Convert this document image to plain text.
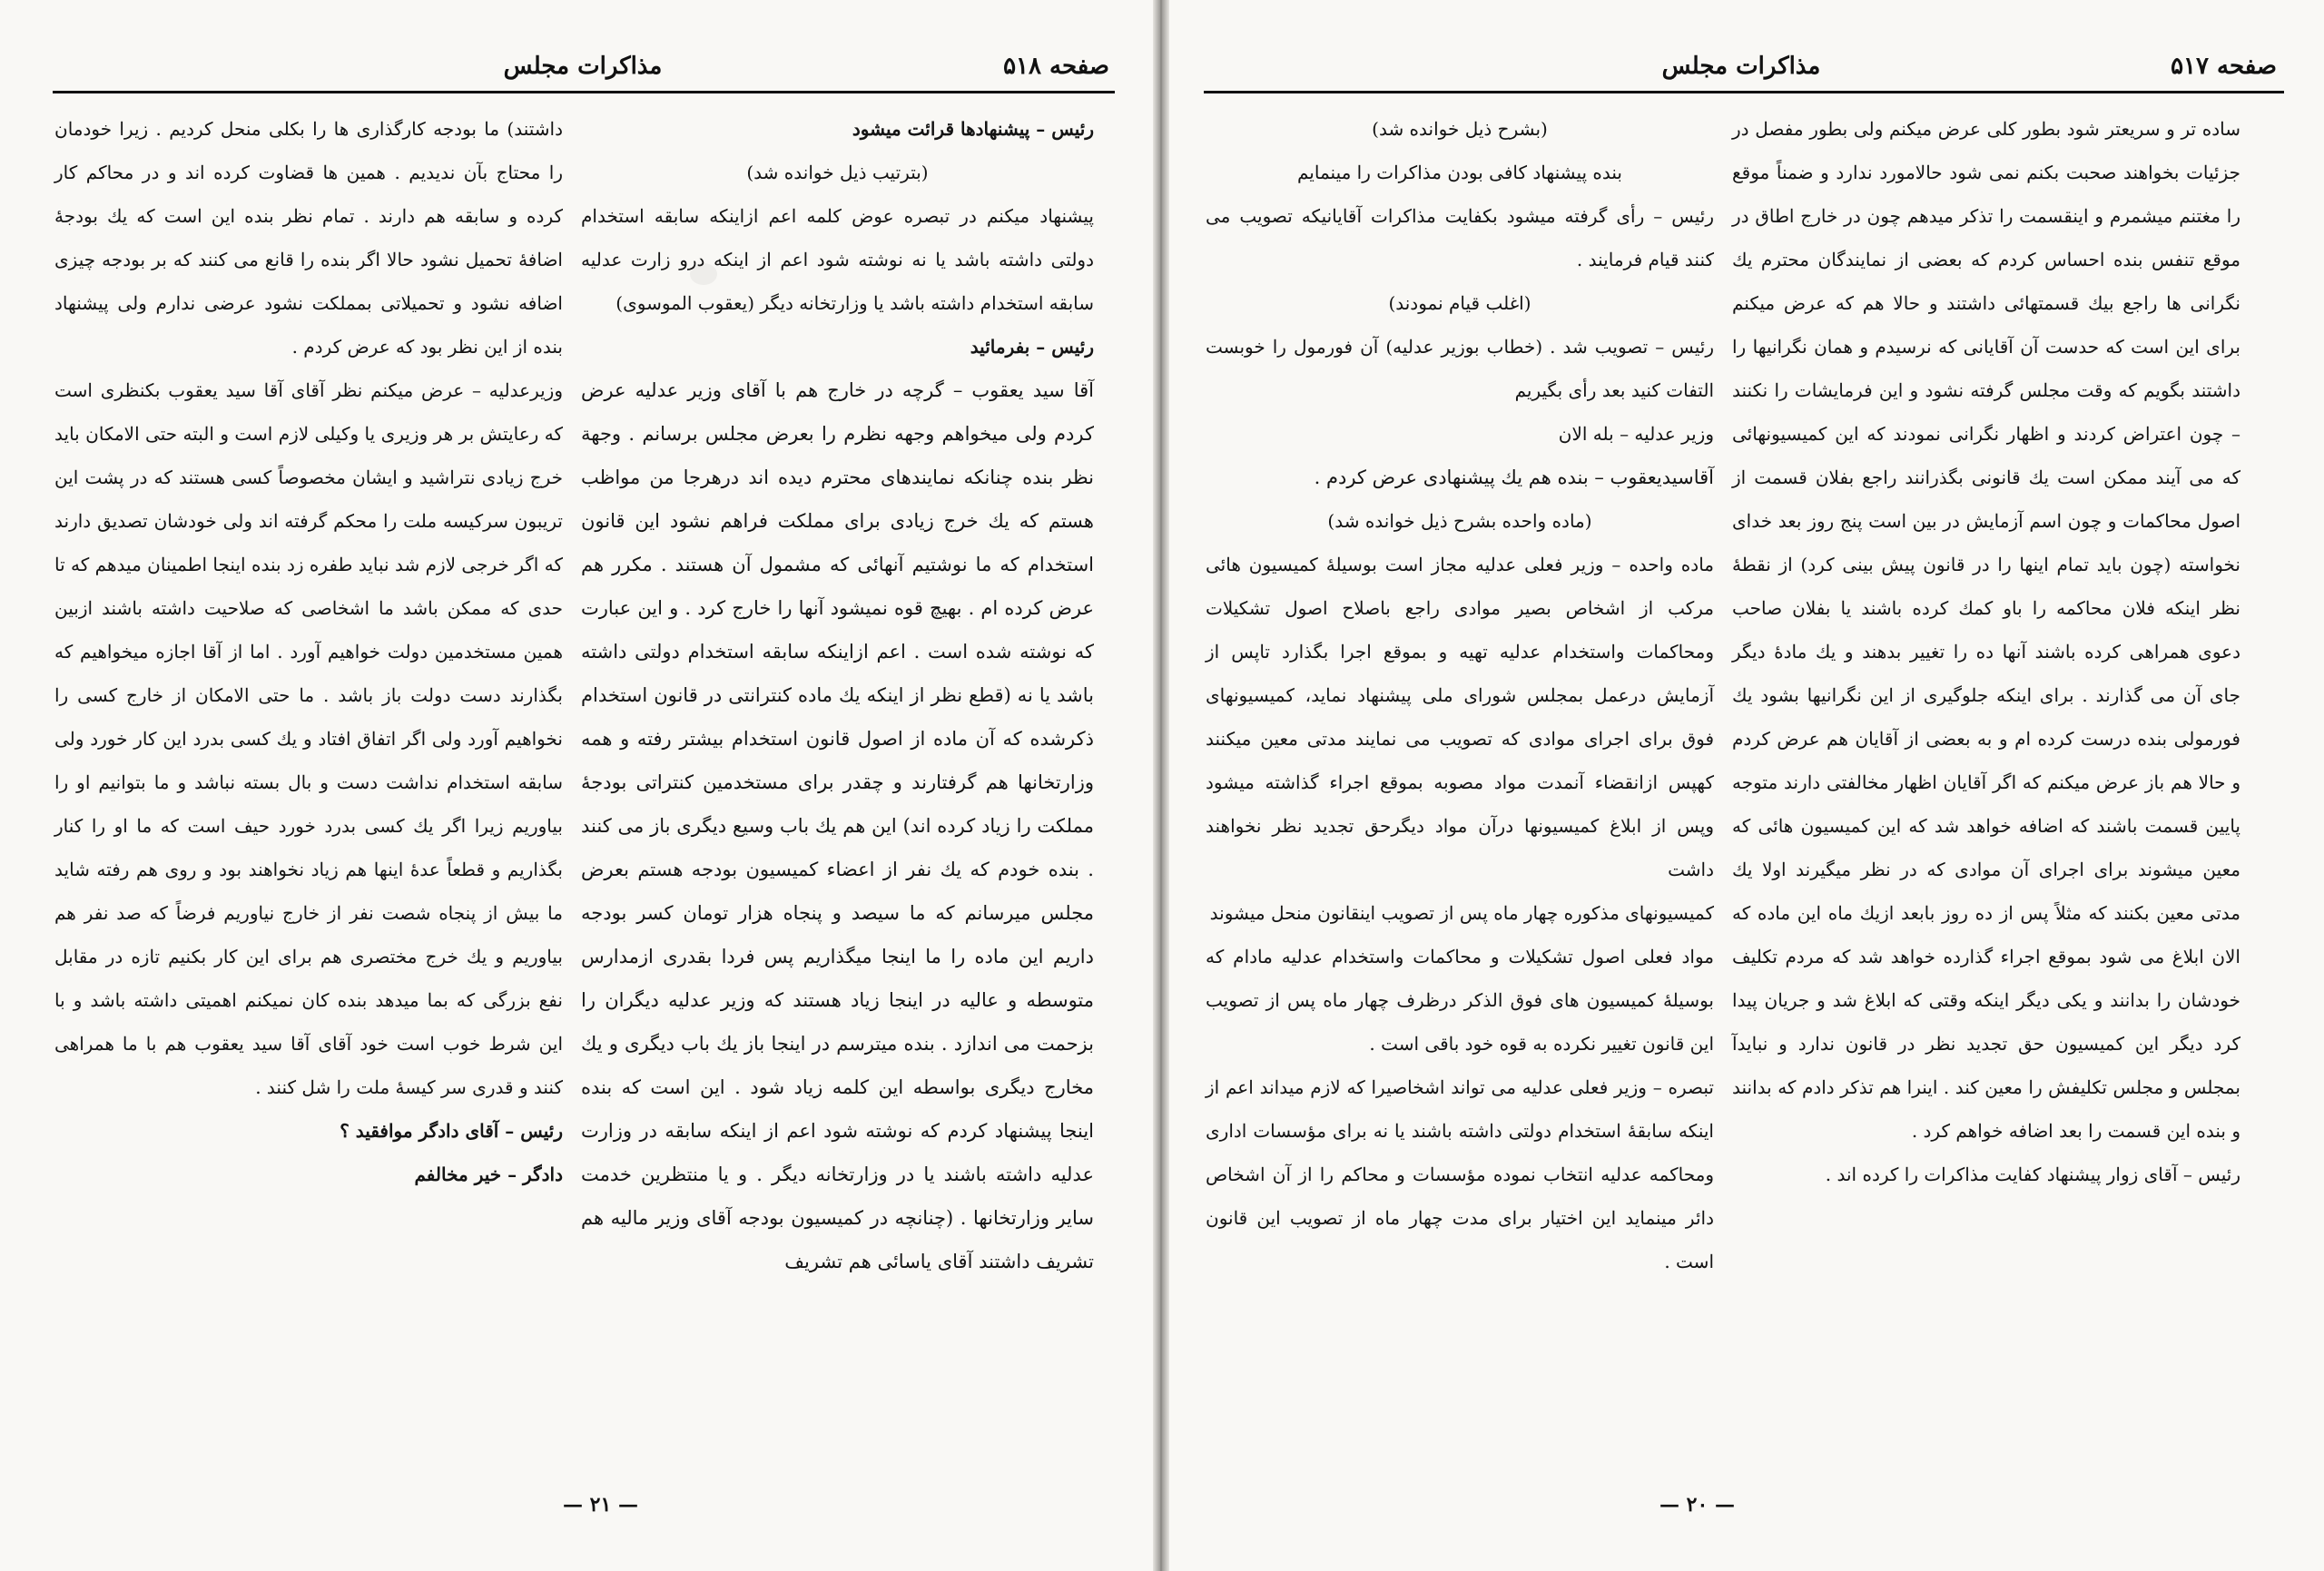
صفحه ۵۱۸
مذاکرات مجلس

رئیس – پیشنهادها قرائت میشود

(بترتیب ذیل خوانده شد)

پیشنهاد میکنم در تبصره عوض کلمه اعم ازاینکه سابقه استخدام دولتی داشته باشد یا نه نوشته شود اعم از اینکه درو زارت عدلیه سابقه استخدام داشته باشد یا وزارتخانه دیگر (یعقوب الموسوی)

رئیس – بفرمائید

آقا سید یعقوب – گرچه در خارج هم با آقای وزیر عدلیه عرض کردم ولی میخواهم وجهه نظرم را بعرض مجلس برسانم . وجهة نظر بنده چنانکه نمایندهای محترم دیده اند درهرجا من مواظب هستم که یك خرج زیادی برای مملکت فراهم نشود این قانون استخدام که ما نوشتیم آنهائی که مشمول آن هستند . مکرر هم عرض کرده ام . بهیچ قوه نمیشود آنها را خارج کرد . و این عبارت که نوشته شده است . اعم ازاینکه سابقه استخدام دولتی داشته باشد یا نه (قطع نظر از اینکه یك ماده کنترانتی در قانون استخدام ذکرشده که آن ماده از اصول قانون استخدام بیشتر رفته و همه وزارتخانها هم گرفتارند و چقدر برای مستخدمین کنتراتی بودجهٔ مملکت را زیاد کرده اند) این هم یك باب وسیع دیگری باز می کنند . بنده خودم که یك نفر از اعضاء کمیسیون بودجه هستم بعرض مجلس میرسانم که ما سیصد و پنجاه هزار تومان کسر بودجه داریم این ماده را ما اینجا میگذاریم پس فردا بقدری ازمدارس متوسطه و عالیه در اینجا زیاد هستند که وزیر عدلیه دیگران را بزحمت می اندازد . بنده میترسم در اینجا باز یك باب دیگری و یك مخارج دیگری بواسطه این کلمه زیاد شود . این است که بنده اینجا پیشنهاد کردم که نوشته شود اعم از اینکه سابقه در وزارت عدلیه داشته باشند یا در وزارتخانه دیگر . و یا منتظرین خدمت سایر وزارتخانها . (چنانچه در کمیسیون بودجه آقای وزیر مالیه هم تشریف داشتند آقای یاسائی هم تشریف

داشتند) ما بودجه کارگذاری ها را بکلی منحل کردیم . زیرا خودمان را محتاج بآن ندیدیم . همین ها قضاوت کرده اند و در محاکم کار کرده و سابقه هم دارند . تمام نظر بنده این است که یك بودجهٔ اضافهٔ تحمیل نشود حالا اگر بنده را قانع می کنند که بر بودجه چیزی اضافه نشود و تحمیلاتی بمملکت نشود عرضی ندارم ولی پیشنهاد بنده از این نظر بود که عرض کردم .

وزیرعدلیه – عرض میکنم نظر آقای آقا سید یعقوب بکنظری است که رعایتش بر هر وزیری یا وکیلی لازم است و البته حتی الامکان باید خرج زیادی نتراشید و ایشان مخصوصاً کسی هستند که در پشت این تریبون سرکیسه ملت را محکم گرفته اند ولی خودشان تصدیق دارند که اگر خرجی لازم شد نباید طفره زد بنده اینجا اطمینان میدهم که تا حدی که ممکن باشد ما اشخاصی که صلاحیت داشته باشند ازبین همین مستخدمین دولت خواهیم آورد . اما از آقا اجازه میخواهیم که بگذارند دست دولت باز باشد . ما حتی الامکان از خارج کسی را نخواهیم آورد ولی اگر اتفاق افتاد و یك کسی بدرد این کار خورد ولی سابقه استخدام نداشت دست و بال بسته نباشد و ما بتوانیم او را بیاوریم زیرا اگر یك کسی بدرد خورد حیف است که ما او را کنار بگذاریم و قطعاً عدهٔ اینها هم زیاد نخواهند بود و روی هم رفته شاید ما بیش از پنجاه شصت نفر از خارج نیاوریم فرضاً که صد نفر هم بیاوریم و یك خرج مختصری هم برای این کار بکنیم تازه در مقابل نفع بزرگی که بما میدهد بنده کان نمیکنم اهمیتی داشته باشد و با این شرط خوب است خود آقای آقا سید یعقوب هم با ما همراهی کنند و قدری سر کیسهٔ ملت را شل کنند .

رئیس – آقای دادگر موافقید ؟

دادگر – خیر مخالفم

— ۲۱ —
صفحه ۵۱۷
مذاکرات مجلس

ساده تر و سریعتر شود بطور کلی عرض میکنم ولی بطور مفصل در جزئیات بخواهند صحبت بکنم نمی شود حالامورد ندارد و ضمناً موقع را مغتنم میشمرم و اینقسمت را تذکر میدهم چون در خارج اطاق در موقع تنفس بنده احساس کردم که بعضی از نمایندگان محترم یك نگرانی ها راجع بیك قسمتهائی داشتند و حالا هم که عرض میکنم برای این است که حدست آن آقایانی که نرسیدم و همان نگرانیها را داشتند بگویم که وقت مجلس گرفته نشود و این فرمایشات را نکنند – چون اعتراض کردند و اظهار نگرانی نمودند که این کمیسیونهائی که می آیند ممکن است یك قانونی بگذرانند راجع بفلان قسمت از اصول محاکمات و چون اسم آزمایش در بین است پنج روز بعد خدای نخواسته (چون باید تمام اینها را در قانون پیش بینی کرد) از نقطهٔ نظر اینکه فلان محاکمه را باو کمك کرده باشند یا بفلان صاحب دعوی همراهی کرده باشند آنها ده را تغییر بدهند و یك مادهٔ دیگر جای آن می گذارند . برای اینکه جلوگیری از این نگرانیها بشود یك فورمولی بنده درست کرده ام و به بعضی از آقایان هم عرض کردم و حالا هم باز عرض میکنم که اگر آقایان اظهار مخالفتی دارند متوجه پایین قسمت باشند که اضافه خواهد شد که این کمیسیون هائی که معین میشوند برای اجرای آن موادی که در نظر میگیرند اولا یك مدتی معین بکنند که مثلاً پس از ده روز بابعد ازیك ماه این ماده که الان ابلاغ می شود بموقع اجراء گذارده خواهد شد که مردم تکلیف خودشان را بدانند و یکی دیگر اینکه وقتی که ابلاغ شد و جریان پیدا کرد دیگر این کمیسیون حق تجدید نظر در قانون ندارد و نبایدآ بمجلس و مجلس تکلیفش را معین کند . اینرا هم تذکر دادم که بدانند و بنده این قسمت را بعد اضافه خواهم کرد .

رئیس – آقای زوار پیشنهاد کفایت مذاکرات را کرده اند .

(بشرح ذیل خوانده شد)

بنده پیشنهاد کافی بودن مذاکرات را مینمایم

رئیس – رأی گرفته میشود بکفایت مذاکرات آقایانیکه تصویب می کنند قیام فرمایند .

(اغلب قیام نمودند)

رئیس – تصویب شد . (خطاب بوزیر عدلیه) آن فورمول را خوبست التفات کنید بعد رأی بگیریم

وزیر عدلیه – بله الان

آقاسیدیعقوب – بنده هم یك پیشنهادی عرض کردم .

(ماده واحده بشرح ذیل خوانده شد)

ماده واحده – وزیر فعلی عدلیه مجاز است بوسیلهٔ کمیسیون هائی مرکب از اشخاص بصیر موادی راجع باصلاح اصول تشکیلات ومحاکمات واستخدام عدلیه تهیه و بموقع اجرا بگذارد تاپس از آزمایش درعمل بمجلس شورای ملی پیشنهاد نماید، کمیسیونهای فوق برای اجرای موادی که تصویب می نمایند مدتی معین میکنند کهپس ازانقضاء آنمدت مواد مصوبه بموقع اجراء گذاشته میشود وپس از ابلاغ کمیسیونها درآن مواد دیگرحق تجدید نظر نخواهند داشت

کمیسیونهای مذکوره چهار ماه پس از تصویب اینقانون منحل میشوند

مواد فعلی اصول تشکیلات و محاکمات واستخدام عدلیه مادام که بوسیلهٔ کمیسیون های فوق الذکر درظرف چهار ماه پس از تصویب این قانون تغییر نکرده به قوه خود باقی است .

تبصره – وزیر فعلی عدلیه می تواند اشخاصیرا که لازم میداند اعم از اینکه سابقهٔ استخدام دولتی داشته باشند یا نه برای مؤسسات اداری ومحاکمه عدلیه انتخاب نموده مؤسسات و محاکم را از آن اشخاص دائر مینماید این اختیار برای مدت چهار ماه از تصویب این قانون است .

— ۲۰ —
